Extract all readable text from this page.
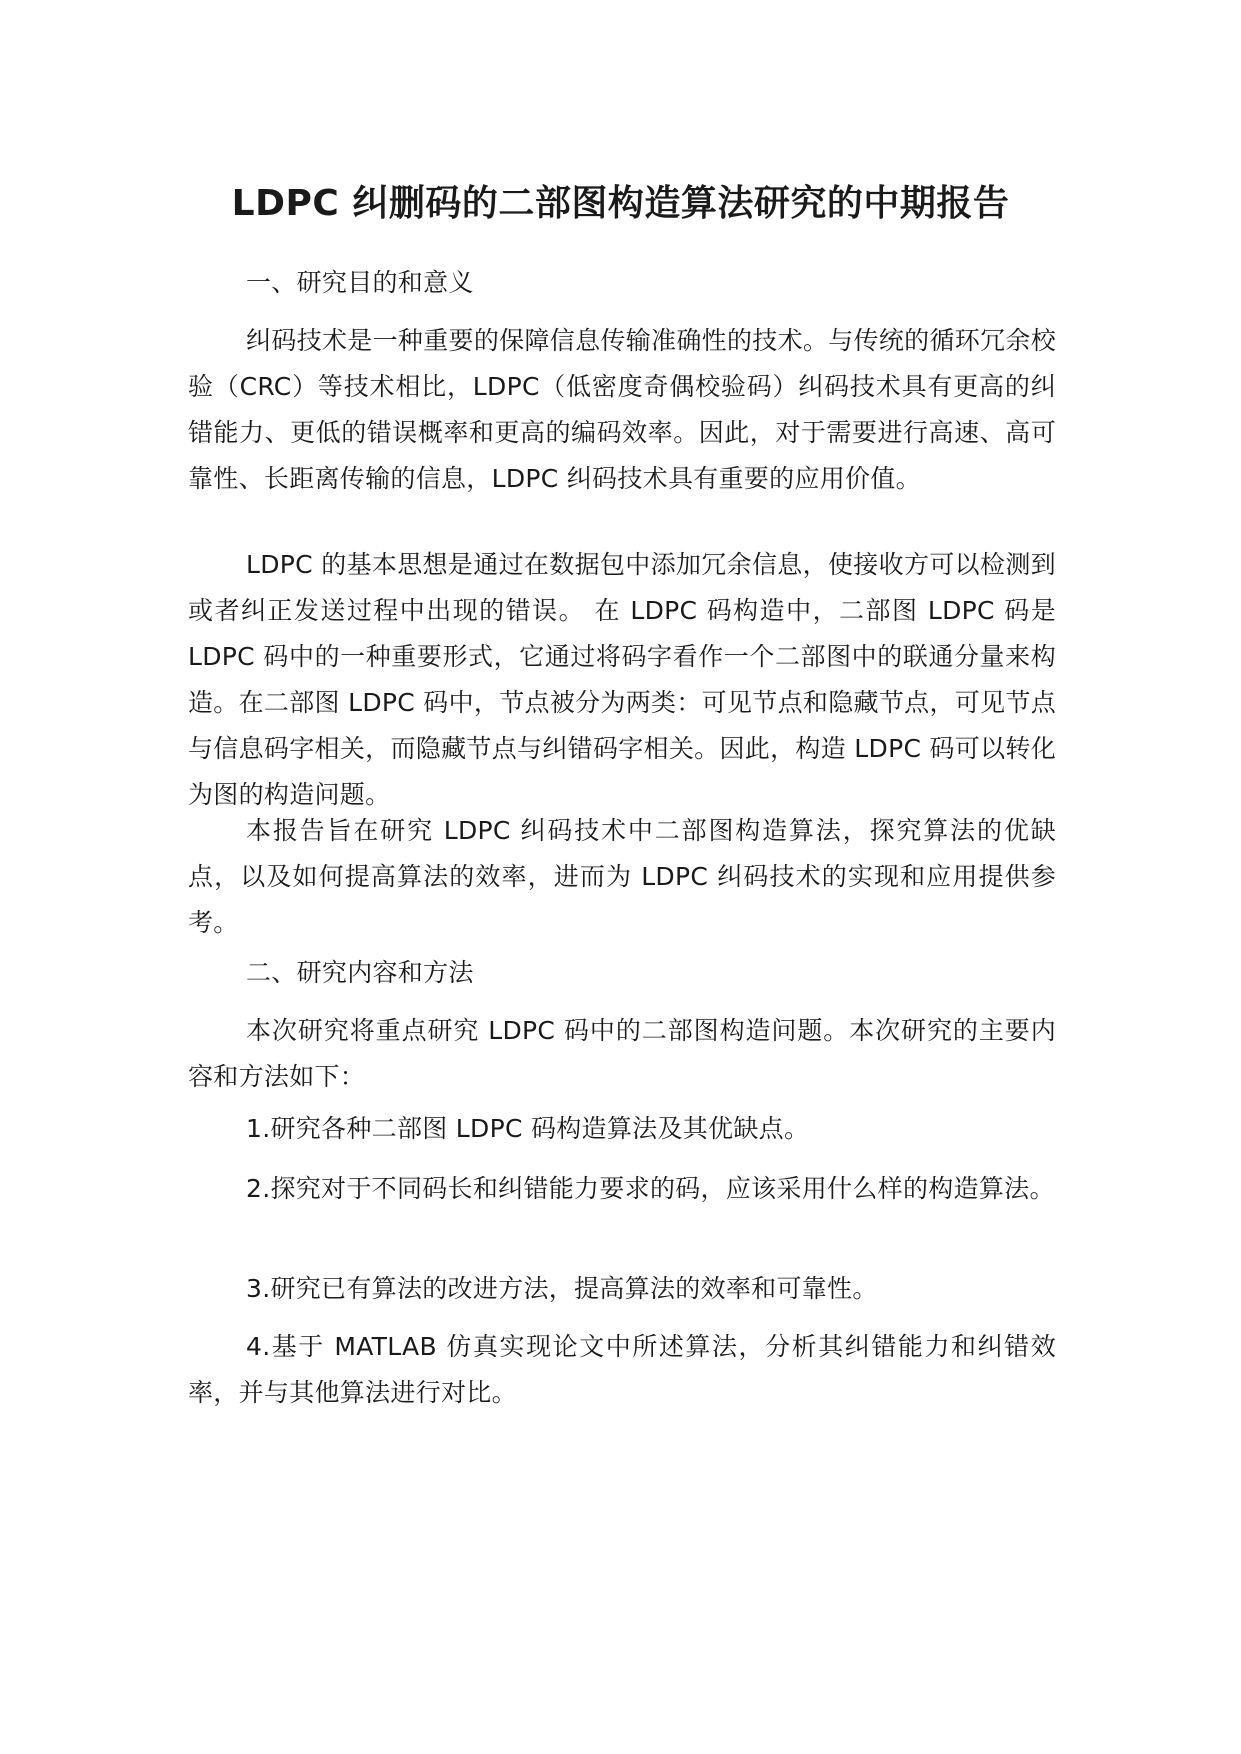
LDPC 纠删码的二部图构造算法研究的中期报告
一、研究目的和意义
纠码技术是一种重要的保障信息传输准确性的技术。与传统的循环冗余校验（CRC）等技术相比，LDPC（低密度奇偶校验码）纠码技术具有更高的纠错能力、更低的错误概率和更高的编码效率。因此，对于需要进行高速、高可靠性、长距离传输的信息，LDPC 纠码技术具有重要的应用价值。
LDPC 的基本思想是通过在数据包中添加冗余信息，使接收方可以检测到或者纠正发送过程中出现的错误。 在 LDPC 码构造中，二部图 LDPC 码是 LDPC 码中的一种重要形式，它通过将码字看作一个二部图中的联通分量来构造。在二部图 LDPC 码中，节点被分为两类：可见节点和隐藏节点，可见节点与信息码字相关，而隐藏节点与纠错码字相关。因此，构造 LDPC 码可以转化为图的构造问题。
本报告旨在研究 LDPC 纠码技术中二部图构造算法，探究算法的优缺点，以及如何提高算法的效率，进而为 LDPC 纠码技术的实现和应用提供参考。
二、研究内容和方法
本次研究将重点研究 LDPC 码中的二部图构造问题。本次研究的主要内容和方法如下：
1.研究各种二部图 LDPC 码构造算法及其优缺点。
2.探究对于不同码长和纠错能力要求的码，应该采用什么样的构造算法。
3.研究已有算法的改进方法，提高算法的效率和可靠性。
4.基于 MATLAB 仿真实现论文中所述算法，分析其纠错能力和纠错效率，并与其他算法进行对比。
